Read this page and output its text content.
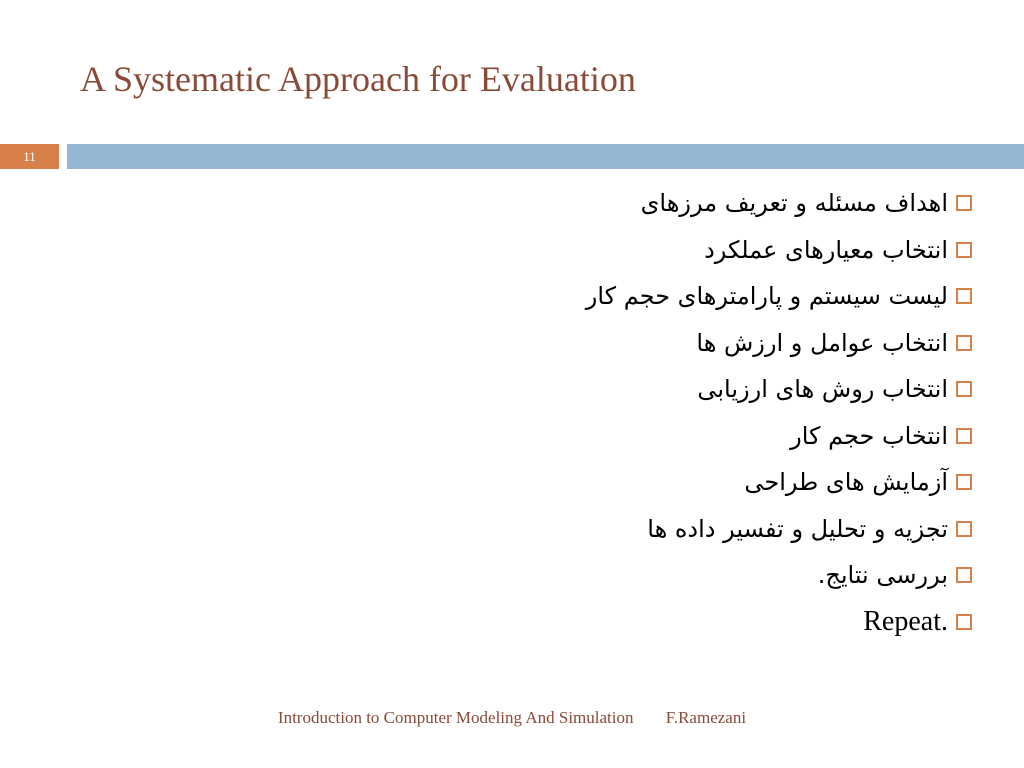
A Systematic Approach for Evaluation
11
اهداف مسئله و تعریف مرزهای
انتخاب معیارهای عملکرد
لیست سیستم و پارامترهای حجم کار
انتخاب عوامل و ارزش ها
انتخاب روش های ارزیابی
انتخاب حجم کار
آزمایش های طراحی
تجزیه و تحلیل و تفسیر داده ها
بررسی نتایج.
Repeat.
Introduction to Computer Modeling And Simulation F.Ramezani
